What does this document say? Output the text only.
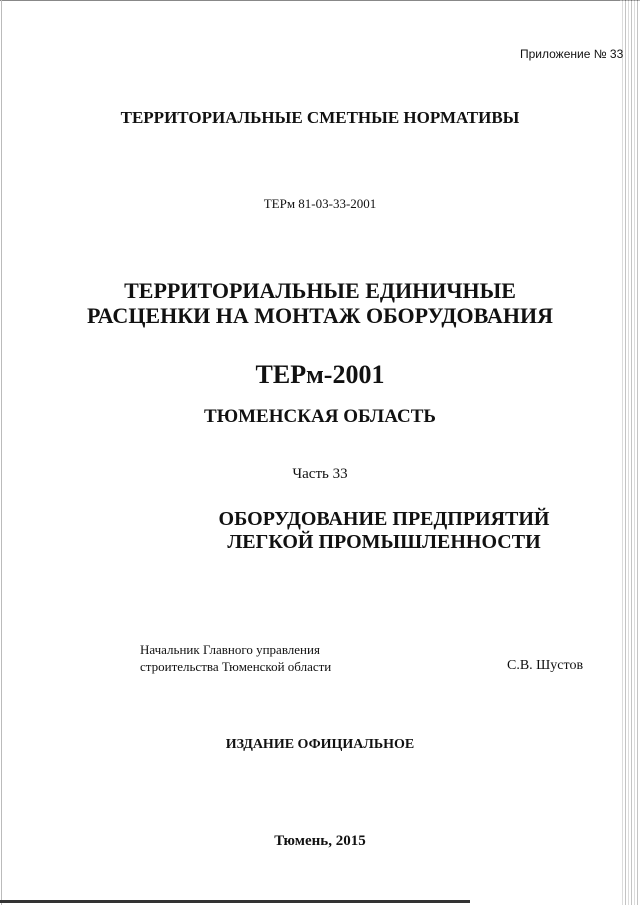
Приложение № 33
ТЕРРИТОРИАЛЬНЫЕ СМЕТНЫЕ НОРМАТИВЫ
ТЕРм 81-03-33-2001
ТЕРРИТОРИАЛЬНЫЕ ЕДИНИЧНЫЕ
РАСЦЕНКИ НА МОНТАЖ ОБОРУДОВАНИЯ
ТЕРм-2001
ТЮМЕНСКАЯ ОБЛАСТЬ
Часть 33
ОБОРУДОВАНИЕ ПРЕДПРИЯТИЙ
ЛЕГКОЙ ПРОМЫШЛЕННОСТИ
Начальник Главного управления
строительства Тюменской области	С.В. Шустов
ИЗДАНИЕ ОФИЦИАЛЬНОЕ
Тюмень, 2015
